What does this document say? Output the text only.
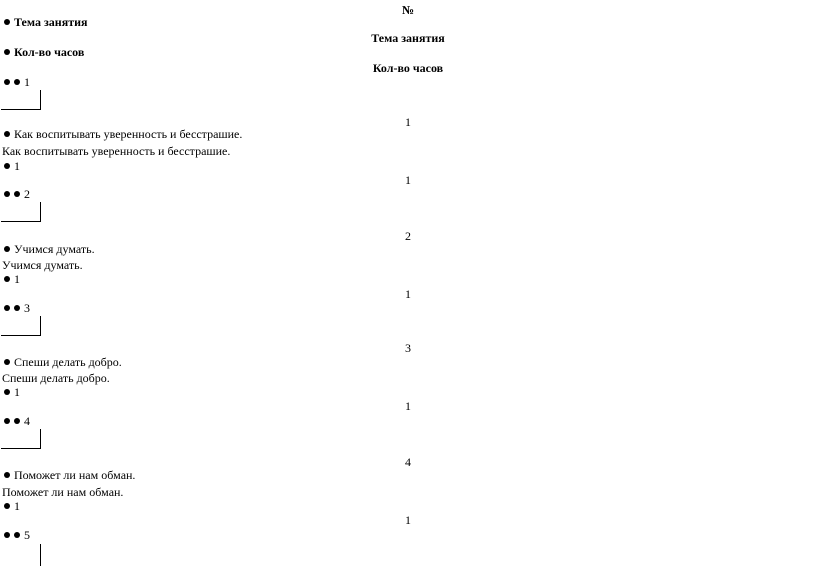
№
Тема занятия
Кол-во часов
Тема занятия
Кол-во часов
1
1
Как воспитывать уверенность и бесстрашие.
Как воспитывать уверенность и бесстрашие.
1
1
2
2
Учимся думать.
Учимся думать.
1
1
3
3
Спеши делать добро.
Спеши делать добро.
1
1
4
4
Поможет ли нам обман.
Поможет ли нам обман.
1
1
5
